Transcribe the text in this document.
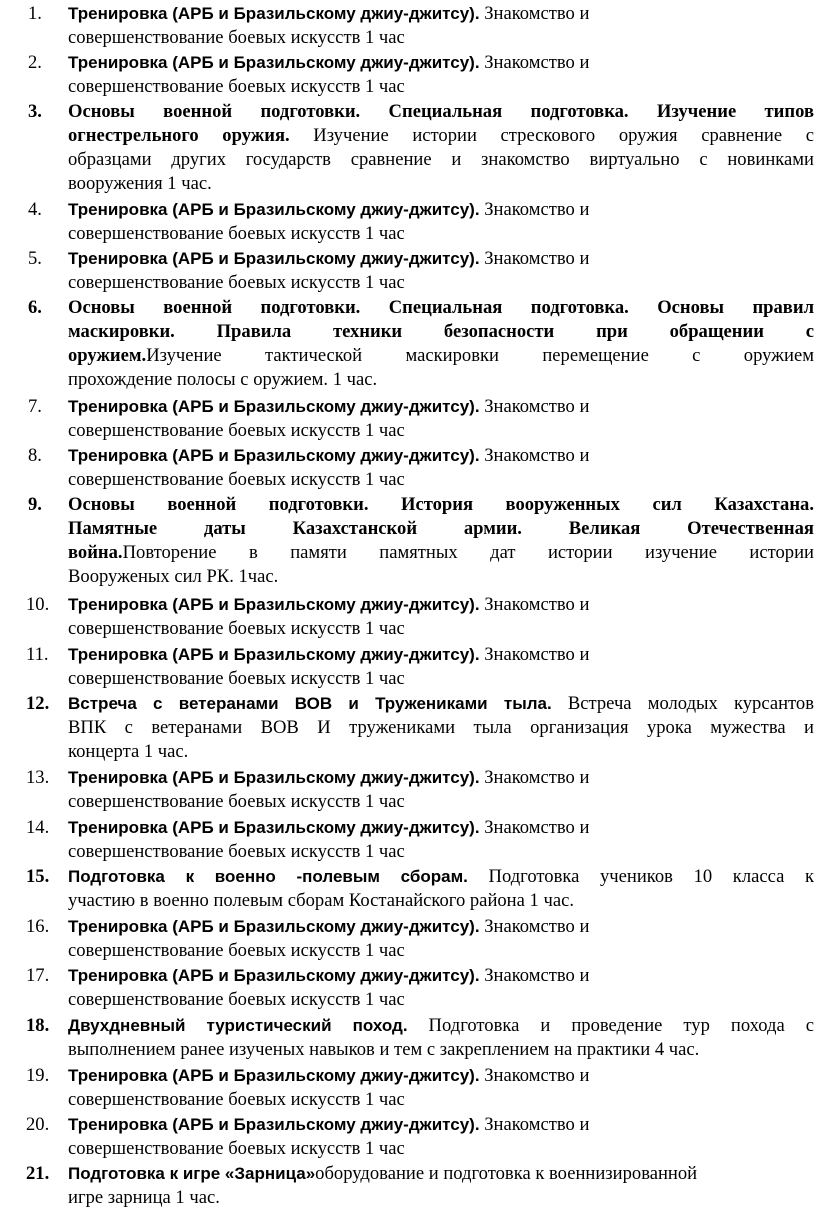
1.	Тренировка (АРБ и Бразильскому джиу-джитсу). Знакомство и
совершенствование боевых искусств 1 час
2.	Тренировка (АРБ и Бразильскому джиу-джитсу). Знакомство и
совершенствование боевых искусств 1 час
3.	Основы военной подготовки. Специальная подготовка. Изучение типов
огнестрельного оружия. Изучение истории стрескового оружия сравнение с
образцами других государств сравнение и знакомство виртуально с новинками
вооружения 1 час.
4.	Тренировка (АРБ и Бразильскому джиу-джитсу). Знакомство и
совершенствование боевых искусств 1 час
5.	Тренировка (АРБ и Бразильскому джиу-джитсу). Знакомство и
совершенствование боевых искусств 1 час
6.	Основы военной подготовки. Специальная подготовка. Основы правил
маскировки. Правила техники безопасности при обращении с
оружием.Изучение тактической маскировки перемещение с оружием
прохождение полосы с оружием. 1 час.
7.	Тренировка (АРБ и Бразильскому джиу-джитсу). Знакомство и
совершенствование боевых искусств 1 час
8.	Тренировка (АРБ и Бразильскому джиу-джитсу). Знакомство и
совершенствование боевых искусств 1 час
9.	Основы военной подготовки. История вооруженных сил Казахстана.
Памятные даты Казахстанской армии. Великая Отечественная
война.Повторение в памяти памятных дат истории изучение истории
Вооруженых сил РК. 1час.
10.	Тренировка (АРБ и Бразильскому джиу-джитсу). Знакомство и
совершенствование боевых искусств 1 час
11.	Тренировка (АРБ и Бразильскому джиу-джитсу). Знакомство и
совершенствование боевых искусств 1 час
12.	Встреча с ветеранами ВОВ и Тружениками тыла. Встреча молодых курсантов
ВПК с ветеранами ВОВ И тружениками тыла организация урока мужества и
концерта 1 час.
13.	Тренировка (АРБ и Бразильскому джиу-джитсу). Знакомство и
совершенствование боевых искусств 1 час
14.	Тренировка (АРБ и Бразильскому джиу-джитсу). Знакомство и
совершенствование боевых искусств 1 час
15.	Подготовка к военно -полевым сборам. Подготовка учеников 10 класса к
участию в военно полевым сборам Костанайского района 1 час.
16.	Тренировка (АРБ и Бразильскому джиу-джитсу). Знакомство и
совершенствование боевых искусств 1 час
17.	Тренировка (АРБ и Бразильскому джиу-джитсу). Знакомство и
совершенствование боевых искусств 1 час
18.	Двухдневный туристический поход. Подготовка и проведение тур похода с
выполнением ранее изученых навыков и тем с закреплением на практики 4 час.
19.	Тренировка (АРБ и Бразильскому джиу-джитсу). Знакомство и
совершенствование боевых искусств 1 час
20.	Тренировка (АРБ и Бразильскому джиу-джитсу). Знакомство и
совершенствование боевых искусств 1 час
21.	Подготовка к игре «Зарница»оборудование и подготовка к военнизированной
игре зарница 1 час.
